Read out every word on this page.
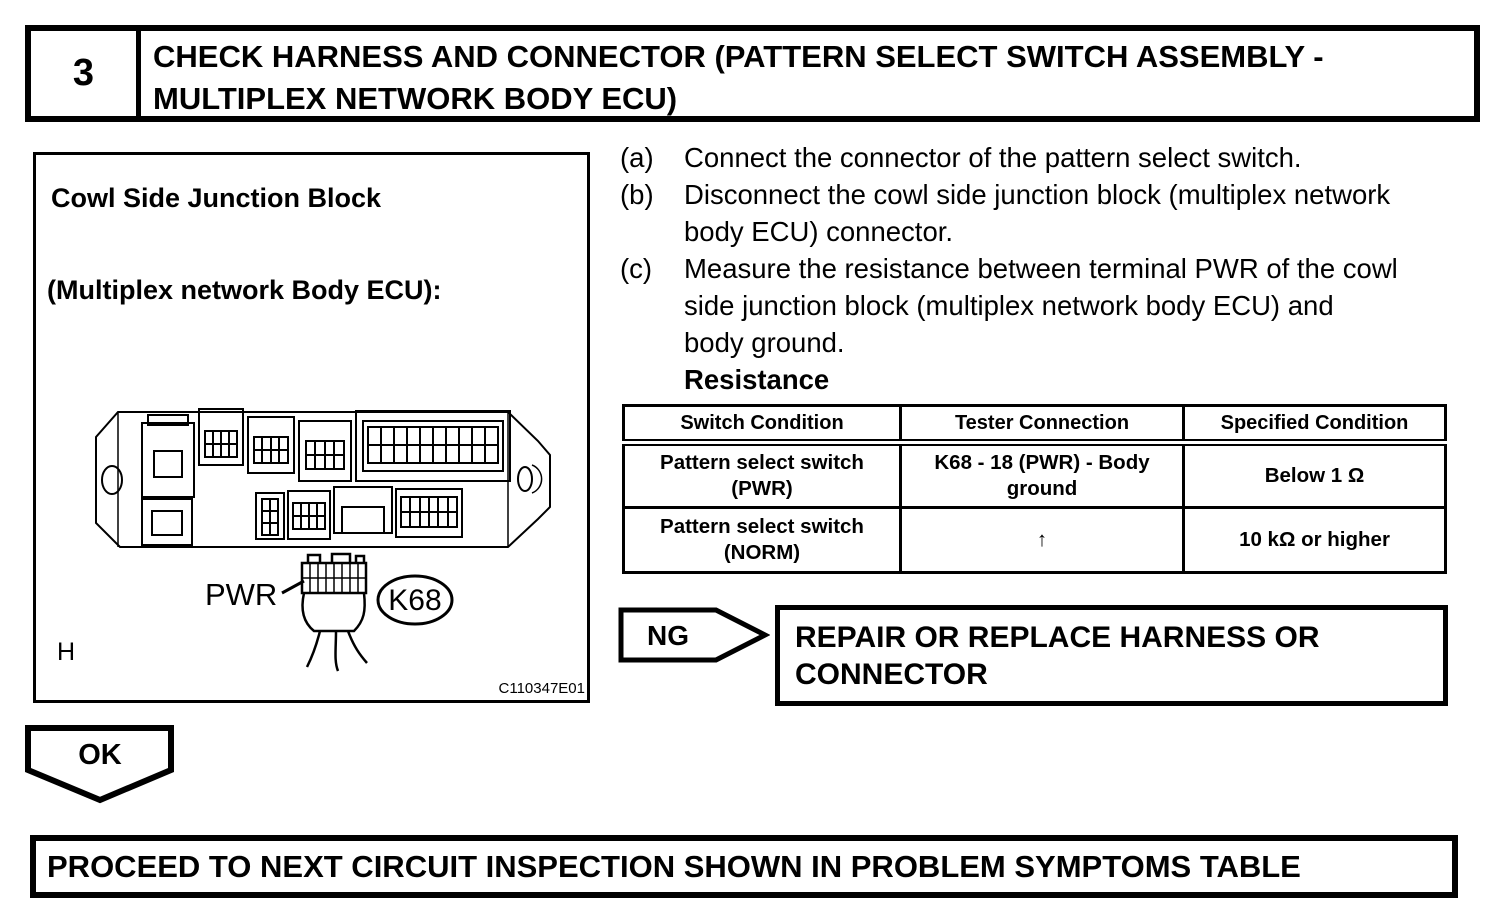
3	CHECK HARNESS AND CONNECTOR (PATTERN SELECT SWITCH ASSEMBLY - MULTIPLEX NETWORK BODY ECU)
Cowl Side Junction Block
(Multiplex network Body ECU):
PWR	K68
H
C110347E01
(a)	Connect the connector of the pattern select switch.
(b)	Disconnect the cowl side junction block (multiplex network body ECU) connector.
(c)	Measure the resistance between terminal PWR of the cowl side junction block (multiplex network body ECU) and body ground.
Resistance
Switch Condition	Tester Connection	Specified Condition
Pattern select switch (PWR)	K68 - 18 (PWR) - Body ground	Below 1 Ω
Pattern select switch (NORM)	↑	10 kΩ or higher
NG	REPAIR OR REPLACE HARNESS OR CONNECTOR
OK
PROCEED TO NEXT CIRCUIT INSPECTION SHOWN IN PROBLEM SYMPTOMS TABLE
